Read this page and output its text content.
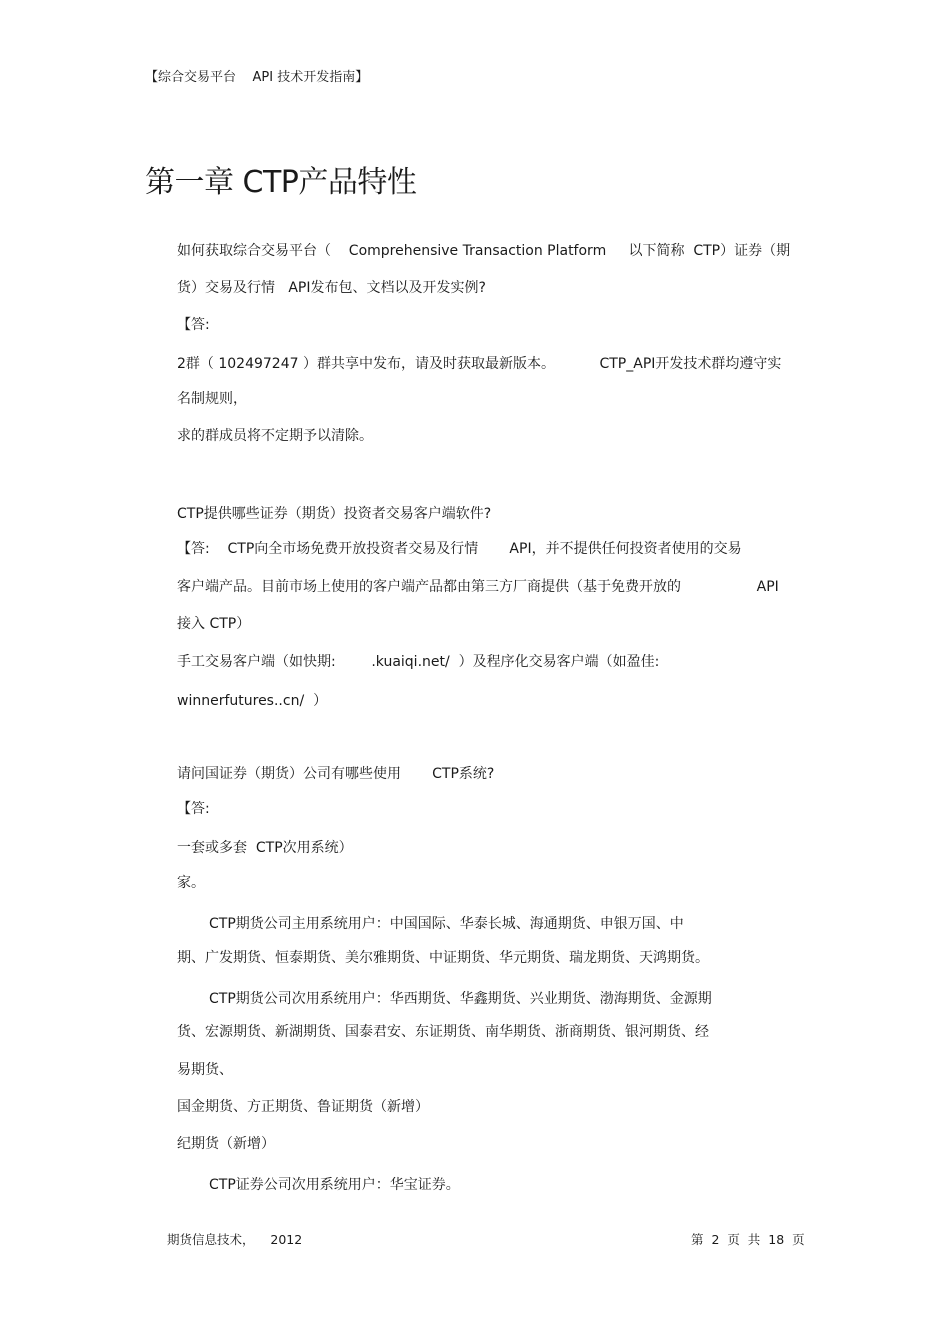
【综合交易平台    API 技术开发指南】
第一章 CTP产品特性
如何获取综合交易平台（    Comprehensive Transaction Platform     以下简称  CTP）证券（期
货）交易及行情   API发布包、文档以及开发实例?
【答:
2群（ 102497247 ）群共享中发布，请及时获取最新版本。          CTP_API开发技术群均遵守实
名制规则，
求的群成员将不定期予以清除。
CTP提供哪些证券（期货）投资者交易客户端软件?
【答:    CTP向全市场免费开放投资者交易及行情       API，并不提供任何投资者使用的交易
客户端产品。目前市场上使用的客户端产品都由第三方厂商提供（基于免费开放的                 API
接入 CTP）
手工交易客户端（如快期:        .kuaiqi.net/  ）及程序化交易客户端（如盈佳:
winnerfutures..cn/  ）
请问国证券（期货）公司有哪些使用       CTP系统?
【答:
一套或多套  CTP次用系统）
家。
CTP期货公司主用系统用户：中国国际、华泰长城、海通期货、申银万国、中
期、广发期货、恒泰期货、美尔雅期货、中证期货、华元期货、瑞龙期货、天鸿期货。
CTP期货公司次用系统用户：华西期货、华鑫期货、兴业期货、渤海期货、金源期
货、宏源期货、新湖期货、国泰君安、东证期货、南华期货、浙商期货、银河期货、经
易期货、
国金期货、方正期货、鲁证期货（新增）
纪期货（新增）
CTP证券公司次用系统用户：华宝证券。
期货信息技术，    2012	第  2  页  共  18  页
